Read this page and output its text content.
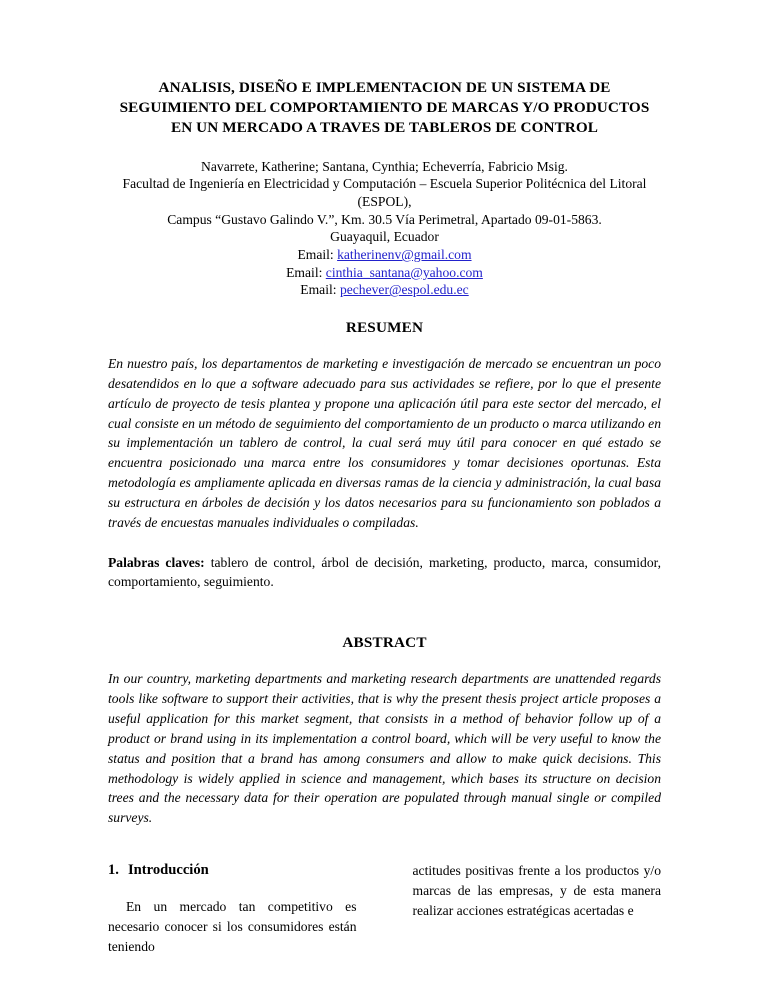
ANALISIS, DISEÑO E IMPLEMENTACION DE UN SISTEMA DE SEGUIMIENTO DEL COMPORTAMIENTO DE MARCAS Y/O PRODUCTOS EN UN MERCADO A TRAVES DE TABLEROS DE CONTROL
Navarrete, Katherine; Santana, Cynthia; Echeverría, Fabricio Msig.
Facultad de Ingeniería en Electricidad y Computación – Escuela Superior Politécnica del Litoral (ESPOL),
Campus “Gustavo Galindo V.”, Km. 30.5 Vía Perimetral, Apartado 09-01-5863.
Guayaquil, Ecuador
Email: katherinenv@gmail.com
Email: cinthia_santana@yahoo.com
Email: pechever@espol.edu.ec
RESUMEN

En nuestro país, los departamentos de marketing e investigación de mercado se encuentran un poco desatendidos en lo que a software adecuado para sus actividades se refiere, por lo que el presente artículo de proyecto de tesis plantea y propone una aplicación útil para este sector del mercado, el cual consiste en un método de seguimiento del comportamiento de un producto o marca utilizando en su implementación un tablero de control, la cual será muy útil para conocer en qué estado se encuentra posicionado una marca entre los consumidores y tomar decisiones oportunas. Esta metodología es ampliamente aplicada en diversas ramas de la ciencia y administración, la cual basa su estructura en árboles de decisión y los datos necesarios para su funcionamiento son poblados a través de encuestas manuales individuales o compiladas.

Palabras claves: tablero de control, árbol de decisión, marketing, producto, marca, consumidor, comportamiento, seguimiento.

ABSTRACT

In our country, marketing departments and marketing research departments are unattended regards tools like software to support their activities, that is why the present thesis project article proposes a useful application for this market segment, that consists in a method of behavior follow up of a product or brand using in its implementation a control board, which will be very useful to know the status and position that a brand has among consumers and allow to make quick decisions. This methodology is widely applied in science and management, which bases its structure on decision trees and the necessary data for their operation are populated through manual single or compiled surveys.

1. Introducción

En un mercado tan competitivo es necesario conocer si los consumidores están teniendo

actitudes positivas frente a los productos y/o marcas de las empresas, y de esta manera realizar acciones estratégicas acertadas e
